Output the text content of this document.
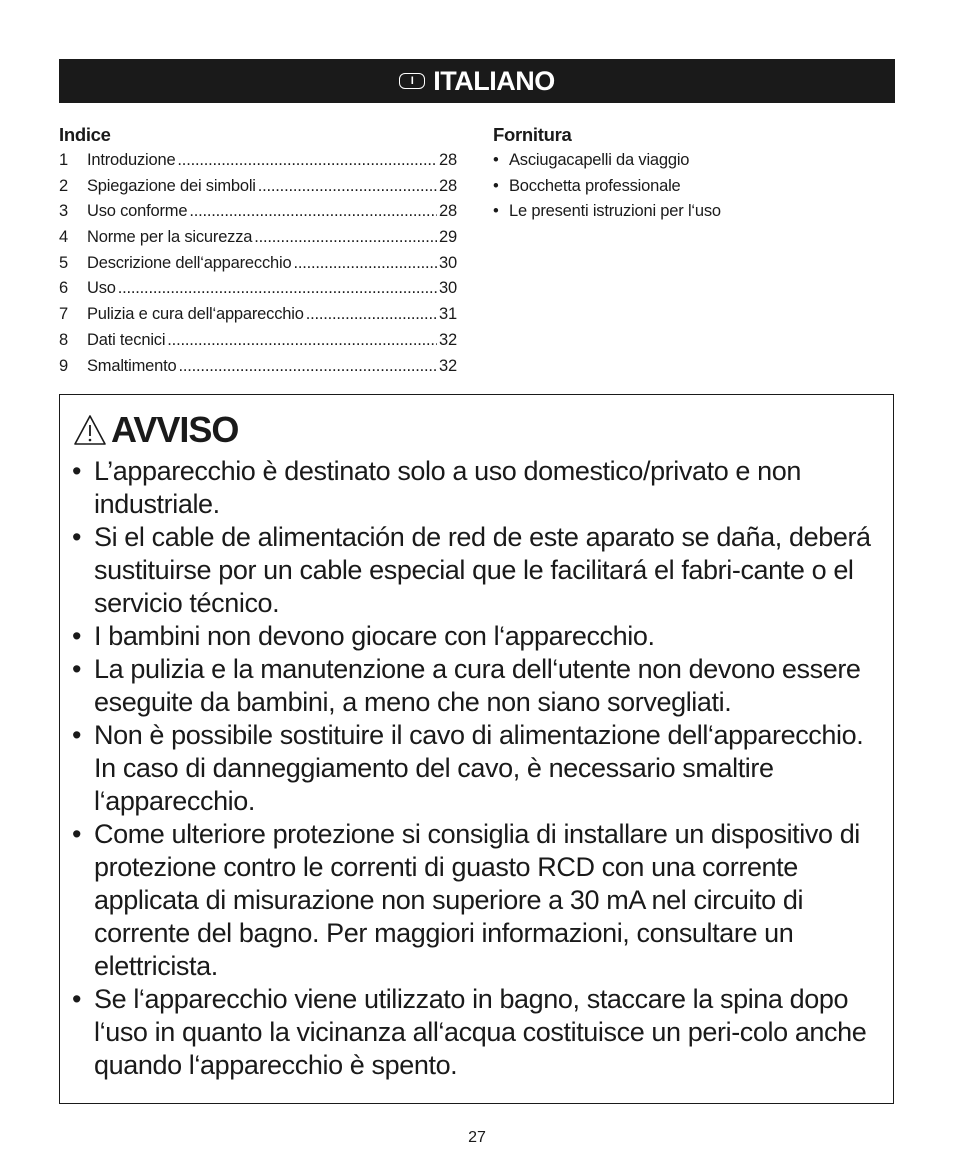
I ITALIANO
Indice
1	Introduzione .....	28
2	Spiegazione dei simboli .....	28
3	Uso conforme .....	28
4	Norme per la sicurezza .....	29
5	Descrizione dell‘apparecchio .....	30
6	Uso .....	30
7	Pulizia e cura dell‘apparecchio .....	31
8	Dati tecnici .....	32
9	Smaltimento .....	32
Fornitura
• Asciugacapelli da viaggio
• Bocchetta professionale
• Le presenti istruzioni per l‘uso
AVVISO
• L’apparecchio è destinato solo a uso domestico/privato e non industriale.
• Si el cable de alimentación de red de este aparato se daña, deberá sustituirse por un cable especial que le facilitará el fabri-cante o el servicio técnico.
• I bambini non devono giocare con l‘apparecchio.
• La pulizia e la manutenzione a cura dell‘utente non devono essere eseguite da bambini, a meno che non siano sorvegliati.
• Non è possibile sostituire il cavo di alimentazione dell‘apparecchio. In caso di danneggiamento del cavo, è necessario smaltire l‘apparecchio.
• Come ulteriore protezione si consiglia di installare un dispositivo di protezione contro le correnti di guasto RCD con una corrente applicata di misurazione non superiore a 30 mA nel circuito di corrente del bagno. Per maggiori informazioni, consultare un elettricista.
• Se l‘apparecchio viene utilizzato in bagno, staccare la spina dopo l‘uso in quanto la vicinanza all‘acqua costituisce un peri-colo anche quando l‘apparecchio è spento.
27
